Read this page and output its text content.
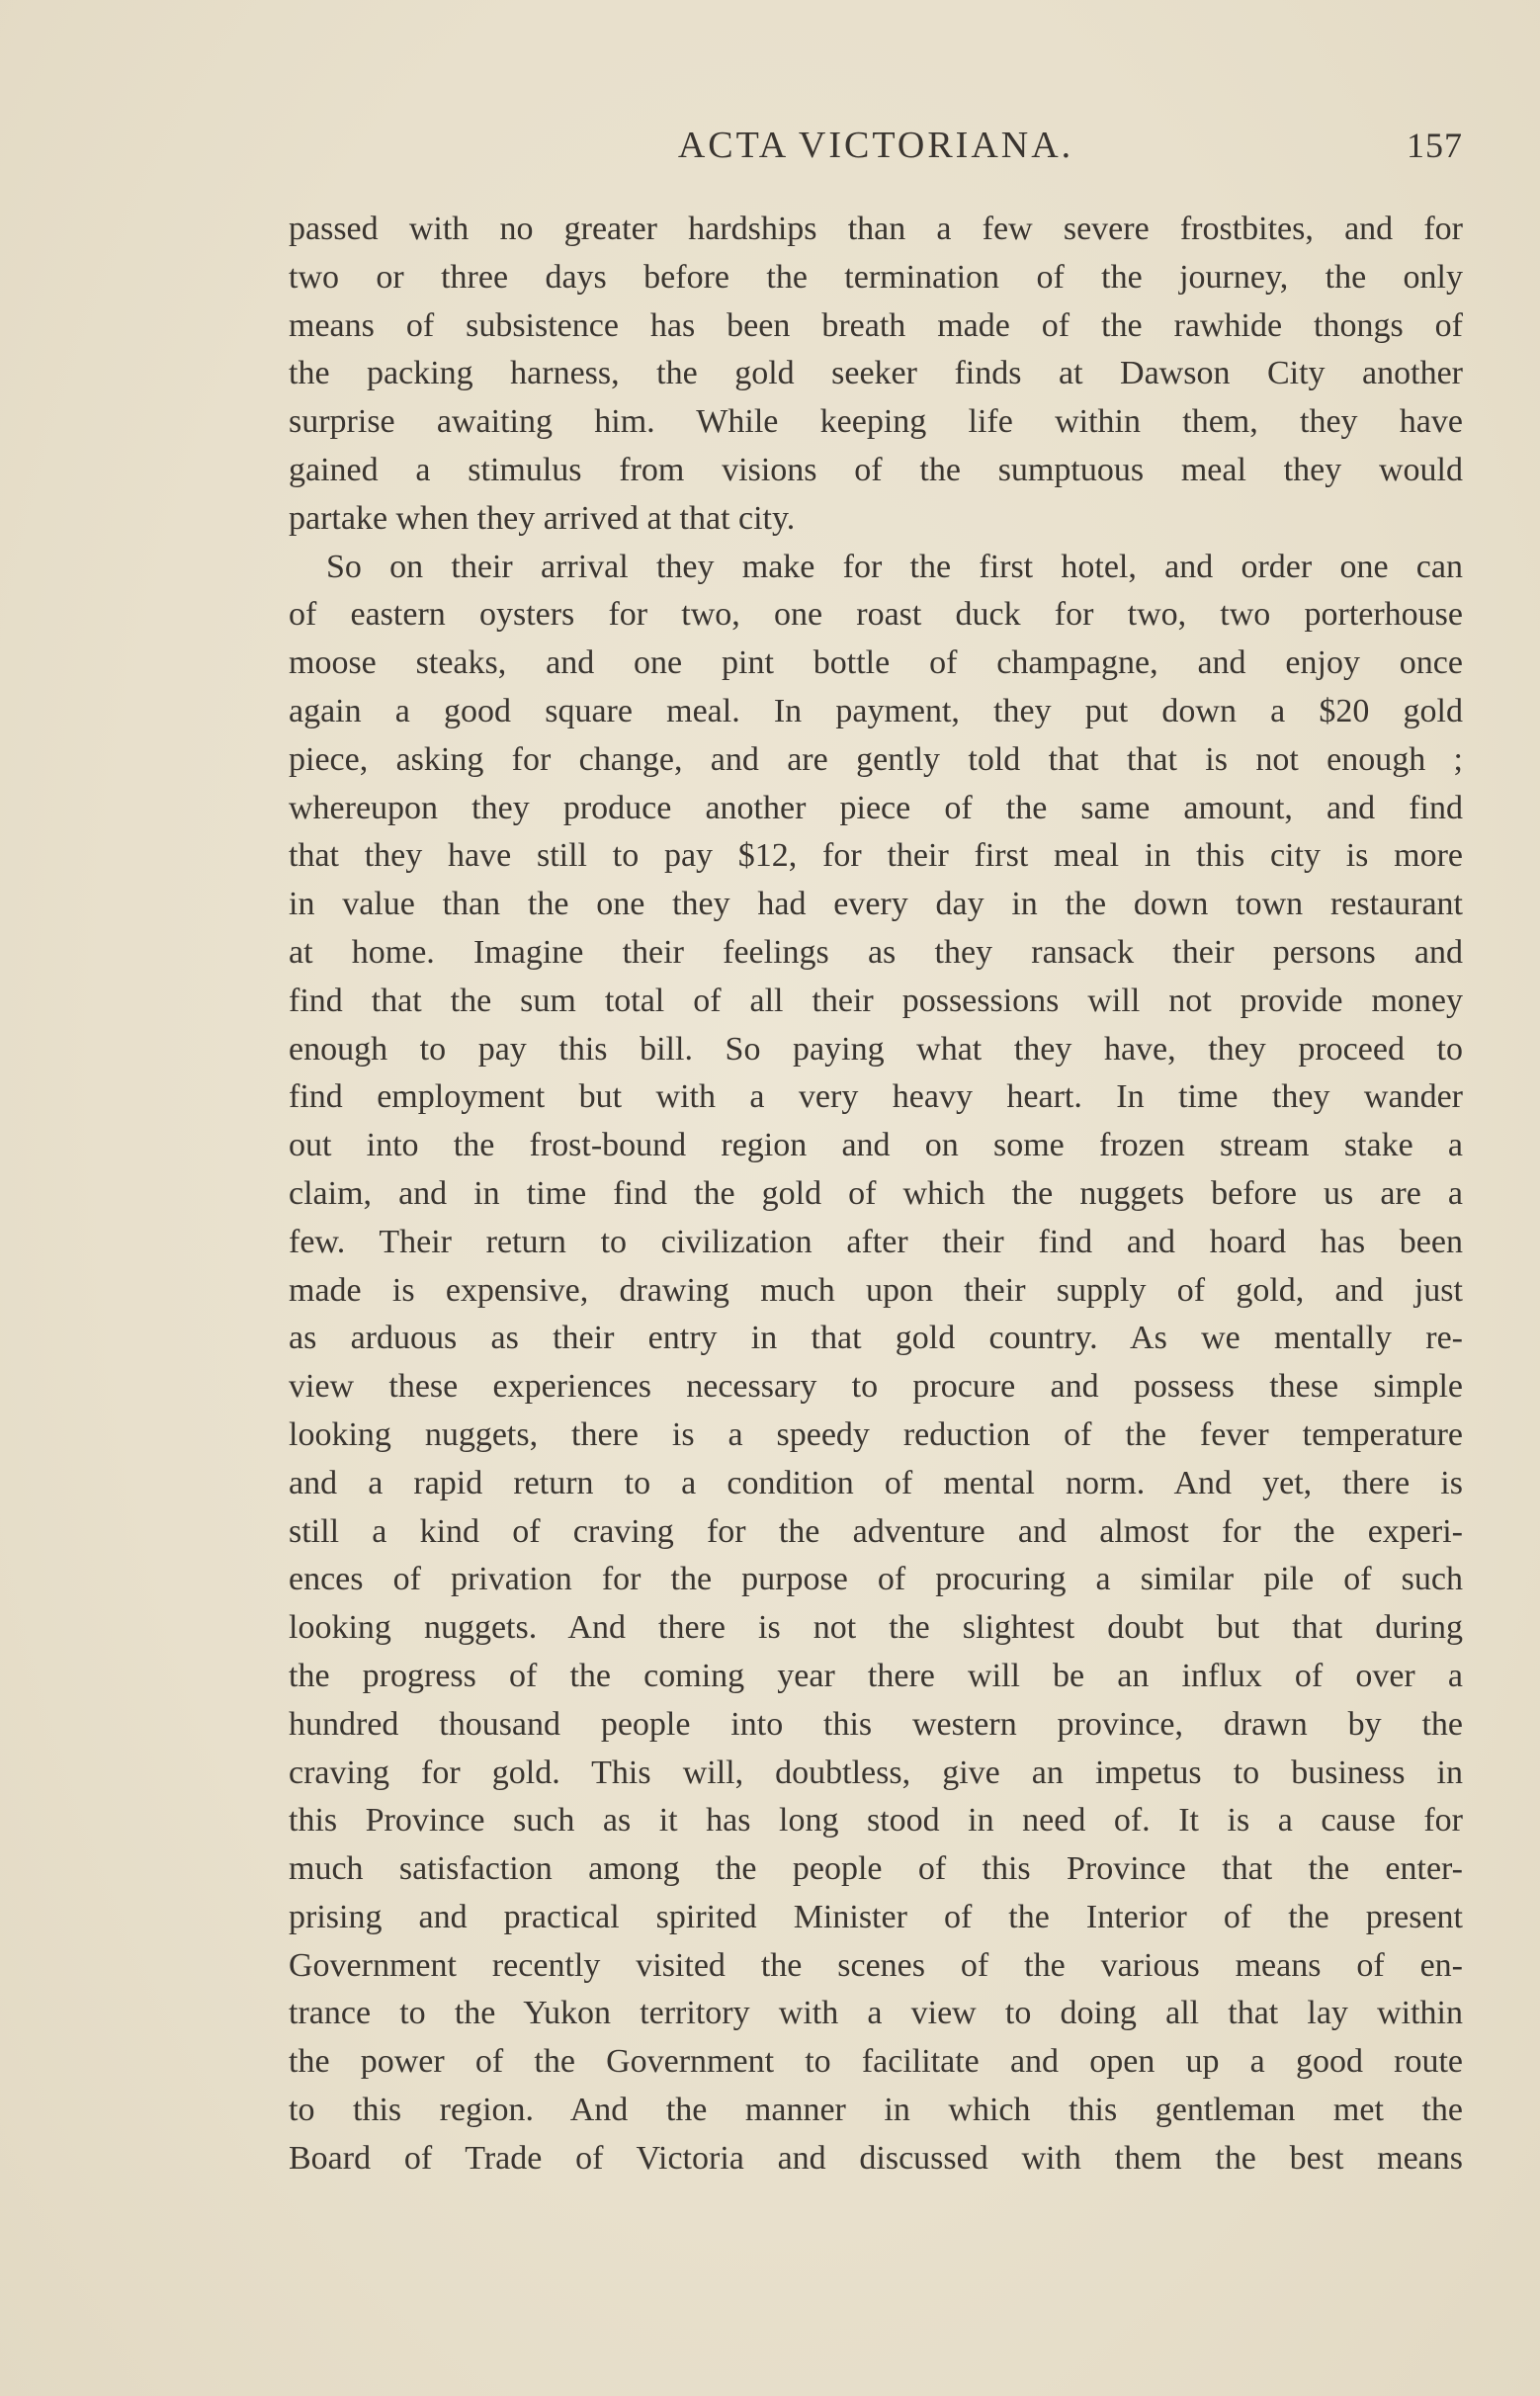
ACTA VICTORIANA.	157
passed with no greater hardships than a few severe frostbites, and for
two or three days before the termination of the journey, the only
means of subsistence has been breath made of the rawhide thongs of
the packing harness, the gold seeker finds at Dawson City another
surprise awaiting him. While keeping life within them, they have
gained a stimulus from visions of the sumptuous meal they would
partake when they arrived at that city.
So on their arrival they make for the first hotel, and order one can
of eastern oysters for two, one roast duck for two, two porterhouse
moose steaks, and one pint bottle of champagne, and enjoy once
again a good square meal. In payment, they put down a $20 gold
piece, asking for change, and are gently told that that is not enough ;
whereupon they produce another piece of the same amount, and find
that they have still to pay $12, for their first meal in this city is more
in value than the one they had every day in the down town restaurant
at home. Imagine their feelings as they ransack their persons and
find that the sum total of all their possessions will not provide money
enough to pay this bill. So paying what they have, they proceed to
find employment but with a very heavy heart. In time they wander
out into the frost-bound region and on some frozen stream stake a
claim, and in time find the gold of which the nuggets before us are a
few. Their return to civilization after their find and hoard has been
made is expensive, drawing much upon their supply of gold, and just
as arduous as their entry in that gold country. As we mentally re-
view these experiences necessary to procure and possess these simple
looking nuggets, there is a speedy reduction of the fever temperature
and a rapid return to a condition of mental norm. And yet, there is
still a kind of craving for the adventure and almost for the experi-
ences of privation for the purpose of procuring a similar pile of such
looking nuggets. And there is not the slightest doubt but that during
the progress of the coming year there will be an influx of over a
hundred thousand people into this western province, drawn by the
craving for gold. This will, doubtless, give an impetus to business in
this Province such as it has long stood in need of. It is a cause for
much satisfaction among the people of this Province that the enter-
prising and practical spirited Minister of the Interior of the present
Government recently visited the scenes of the various means of en-
trance to the Yukon territory with a view to doing all that lay within
the power of the Government to facilitate and open up a good route
to this region. And the manner in which this gentleman met the
Board of Trade of Victoria and discussed with them the best means
